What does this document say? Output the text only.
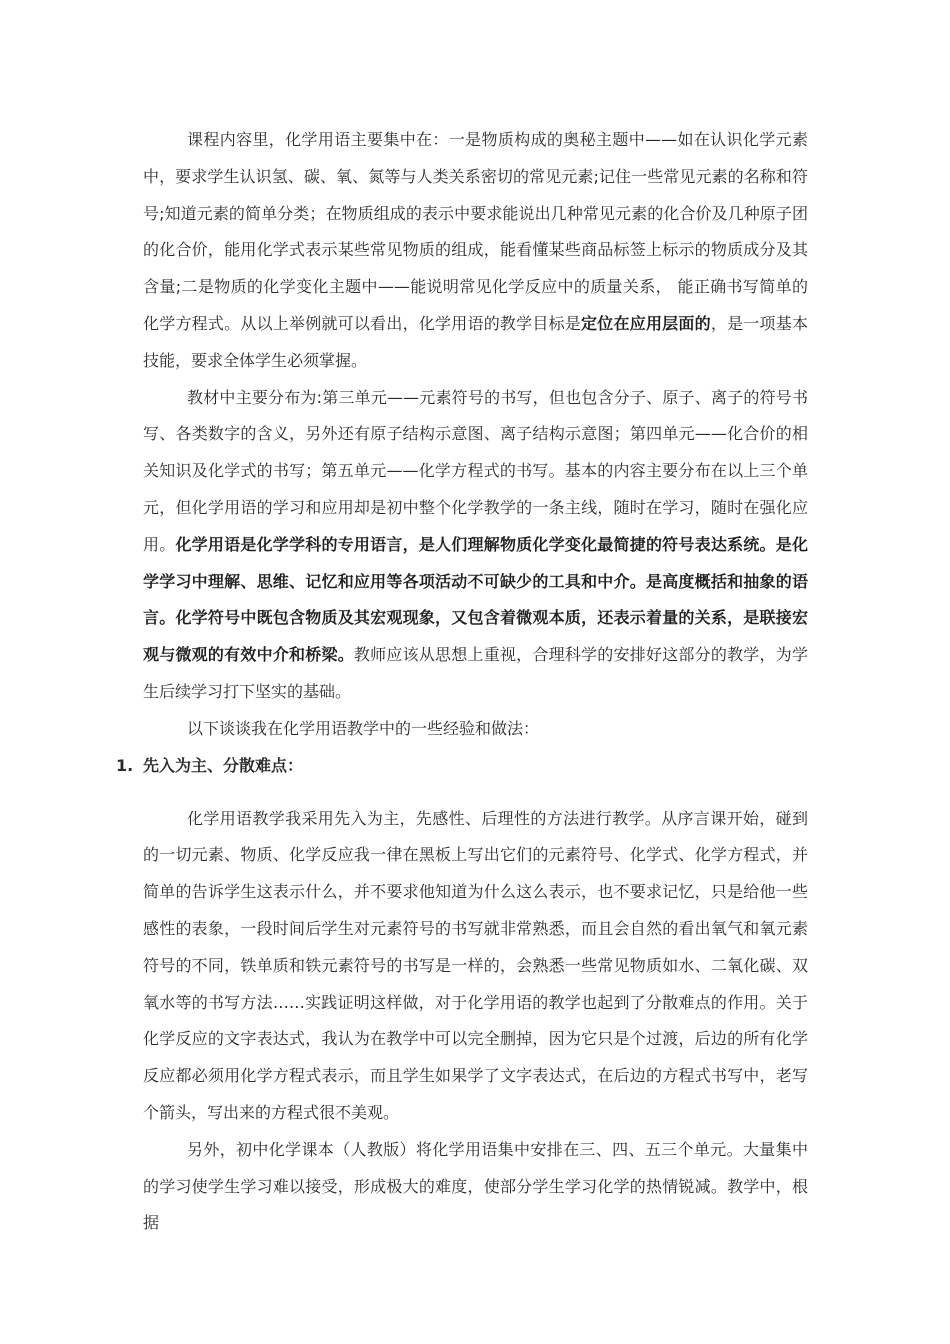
课程内容里，化学用语主要集中在：一是物质构成的奥秘主题中——如在认识化学元素中，要求学生认识氢、碳、氧、氮等与人类关系密切的常见元素;记住一些常见元素的名称和符号;知道元素的简单分类；在物质组成的表示中要求能说出几种常见元素的化合价及几种原子团的化合价，能用化学式表示某些常见物质的组成，能看懂某些商品标签上标示的物质成分及其含量;二是物质的化学变化主题中——能说明常见化学反应中的质量关系， 能正确书写简单的化学方程式。从以上举例就可以看出，化学用语的教学目标是定位在应用层面的，是一项基本技能，要求全体学生必须掌握。

教材中主要分布为:第三单元——元素符号的书写，但也包含分子、原子、离子的符号书写、各类数字的含义，另外还有原子结构示意图、离子结构示意图；第四单元——化合价的相关知识及化学式的书写；第五单元——化学方程式的书写。基本的内容主要分布在以上三个单元，但化学用语的学习和应用却是初中整个化学教学的一条主线，随时在学习，随时在强化应用。化学用语是化学学科的专用语言，是人们理解物质化学变化最简捷的符号表达系统。是化学学习中理解、思维、记忆和应用等各项活动不可缺少的工具和中介。是高度概括和抽象的语言。化学符号中既包含物质及其宏观现象，又包含着微观本质，还表示着量的关系，是联接宏观与微观的有效中介和桥梁。教师应该从思想上重视，合理科学的安排好这部分的教学，为学生后续学习打下坚实的基础。

以下谈谈我在化学用语教学中的一些经验和做法：

1. 先入为主、分散难点：

化学用语教学我采用先入为主，先感性、后理性的方法进行教学。从序言课开始，碰到的一切元素、物质、化学反应我一律在黑板上写出它们的元素符号、化学式、化学方程式，并简单的告诉学生这表示什么，并不要求他知道为什么这么表示，也不要求记忆，只是给他一些感性的表象，一段时间后学生对元素符号的书写就非常熟悉，而且会自然的看出氧气和氧元素符号的不同，铁单质和铁元素符号的书写是一样的，会熟悉一些常见物质如水、二氧化碳、双氧水等的书写方法……实践证明这样做，对于化学用语的教学也起到了分散难点的作用。关于化学反应的文字表达式，我认为在教学中可以完全删掉，因为它只是个过渡，后边的所有化学反应都必须用化学方程式表示，而且学生如果学了文字表达式，在后边的方程式书写中，老写个箭头，写出来的方程式很不美观。

另外，初中化学课本（人教版）将化学用语集中安排在三、四、五三个单元。大量集中的学习使学生学习难以接受，形成极大的难度，使部分学生学习化学的热情锐减。教学中，根据
